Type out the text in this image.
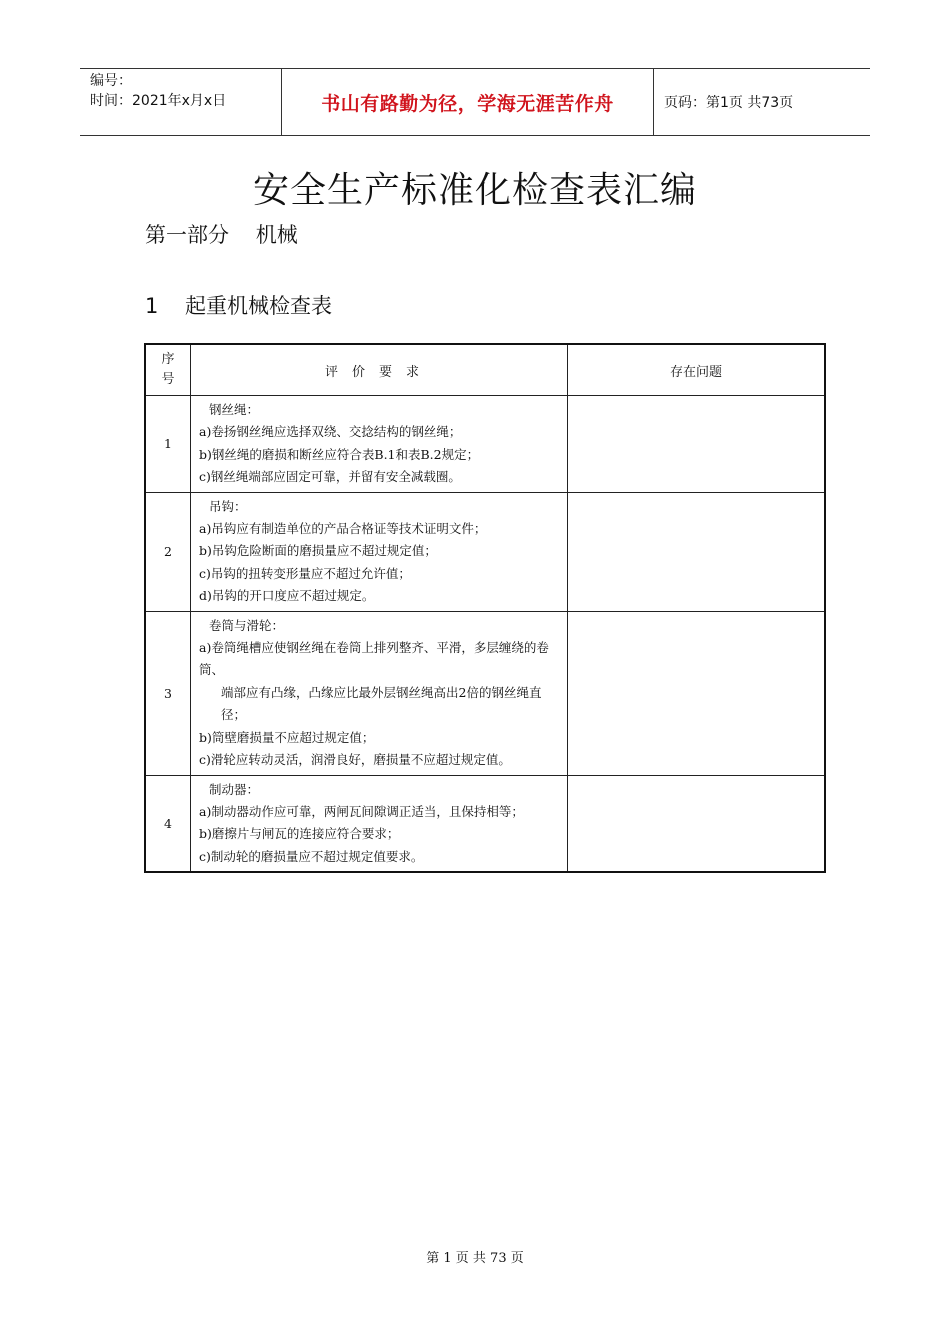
编号：
时间：2021年x月x日	书山有路勤为径，学海无涯苦作舟	页码：第1页 共73页
安全生产标准化检查表汇编
第一部分    机械
1    起重机械检查表
序号	评价要求	存在问题
1	钢丝绳：
a)卷扬钢丝绳应选择双绕、交捻结构的钢丝绳；
b)钢丝绳的磨损和断丝应符合表B.1和表B.2规定；
c)钢丝绳端部应固定可靠，并留有安全减载圈。	

2	吊钩：
a)吊钩应有制造单位的产品合格证等技术证明文件；
b)吊钩危险断面的磨损量应不超过规定值；
c)吊钩的扭转变形量应不超过允许值；
d)吊钩的开口度应不超过规定。	

3	卷筒与滑轮：
a)卷筒绳槽应使钢丝绳在卷筒上排列整齐、平滑，多层缠绕的卷筒、
端部应有凸缘，凸缘应比最外层钢丝绳高出2倍的钢丝绳直径；
b)筒壁磨损量不应超过规定值；
c)滑轮应转动灵活，润滑良好，磨损量不应超过规定值。	

4	制动器：
a)制动器动作应可靠，两闸瓦间隙调正适当，且保持相等；
b)磨擦片与闸瓦的连接应符合要求；
c)制动轮的磨损量应不超过规定值要求。	

第 1 页 共 73 页
